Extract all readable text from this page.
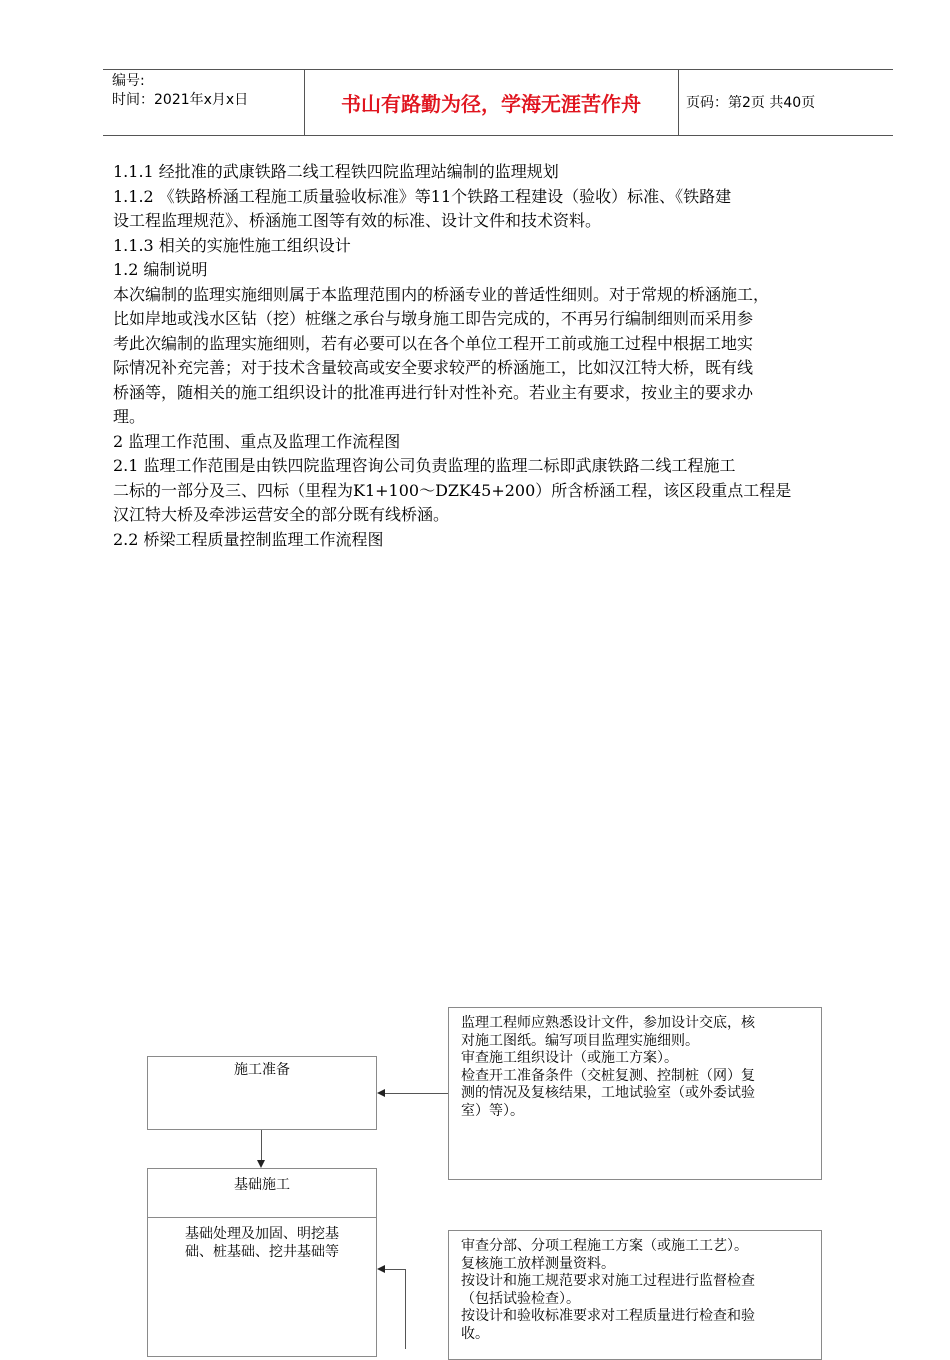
编号:
时间：2021年x月x日	书山有路勤为径，学海无涯苦作舟	页码：第2页 共40页

1.1.1 经批准的武康铁路二线工程铁四院监理站编制的监理规划

1.1.2 《铁路桥涵工程施工质量验收标准》等11个铁路工程建设（验收）标准、《铁路建

设工程监理规范》、桥涵施工图等有效的标准、设计文件和技术资料。

1.1.3 相关的实施性施工组织设计

1.2 编制说明

本次编制的监理实施细则属于本监理范围内的桥涵专业的普适性细则。对于常规的桥涵施工，

比如岸地或浅水区钻（挖）桩继之承台与墩身施工即告完成的，不再另行编制细则而采用参

考此次编制的监理实施细则，若有必要可以在各个单位工程开工前或施工过程中根据工地实

际情况补充完善；对于技术含量较高或安全要求较严的桥涵施工，比如汉江特大桥，既有线

桥涵等，随相关的施工组织设计的批准再进行针对性补充。若业主有要求，按业主的要求办

理。

2 监理工作范围、重点及监理工作流程图

2.1 监理工作范围是由铁四院监理咨询公司负责监理的监理二标即武康铁路二线工程施工

二标的一部分及三、四标（里程为K1+100～DZK45+200）所含桥涵工程，该区段重点工程是

汉江特大桥及牵涉运营安全的部分既有线桥涵。

2.2 桥梁工程质量控制监理工作流程图

施工准备
监理工程师应熟悉设计文件，参加设计交底，核
对施工图纸。编写项目监理实施细则。
审查施工组织设计（或施工方案）。
检查开工准备条件（交桩复测、控制桩（网）复
测的情况及复核结果，工地试验室（或外委试验
室）等）。
基础施工
基础处理及加固、明挖基
础、桩基础、挖井基础等	审查分部、分项工程施工方案（或施工工艺）。
复核施工放样测量资料。
按设计和施工规范要求对施工过程进行监督检查
（包括试验检查）。
按设计和验收标准要求对工程质量进行检查和验
收。
